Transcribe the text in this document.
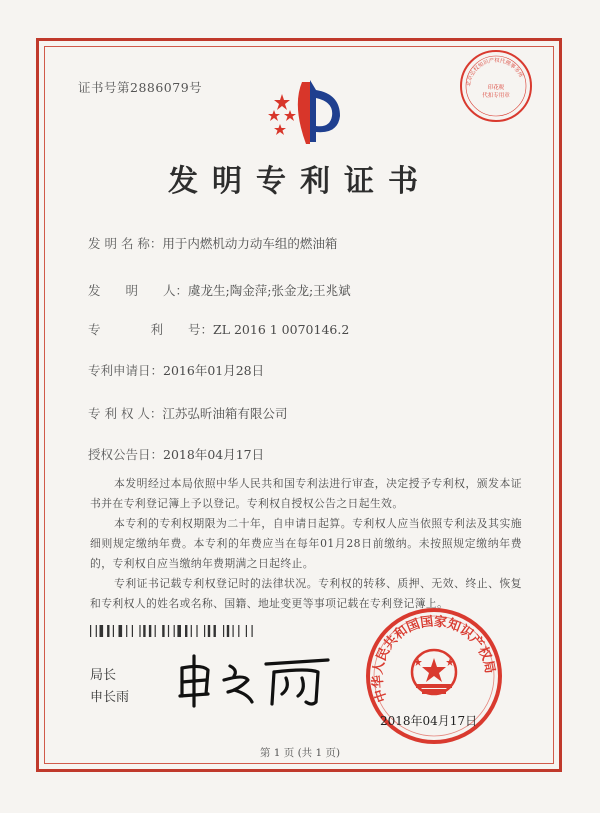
证书号第2886079号	北京弘权知识产权代理事务所
印花税
代扣专用章
发明专利证书
发 明 名 称：用于内燃机动力动车组的燃油箱
发　　明　　人：虞龙生;陶金萍;张金龙;王兆斌
专　　　　利　　号：ZL 2016 1 0070146.2
专利申请日：2016年01月28日
专 利 权 人：江苏弘昕油箱有限公司
授权公告日：2018年04月17日
本发明经过本局依照中华人民共和国专利法进行审查，决定授予专利权，颁发本证书并在专利登记簿上予以登记。专利权自授权公告之日起生效。
本专利的专利权期限为二十年，自申请日起算。专利权人应当依照专利法及其实施细则规定缴纳年费。本专利的年费应当在每年01月28日前缴纳。未按照规定缴纳年费的，专利权自应当缴纳年费期满之日起终止。
专利证书记载专利权登记时的法律状况。专利权的转移、质押、无效、终止、恢复和专利权人的姓名或名称、国籍、地址变更等事项记载在专利登记簿上。
局长
申长雨	中华人民共和国国家知识产权局
2018年04月17日
第 1 页 (共 1 页)
